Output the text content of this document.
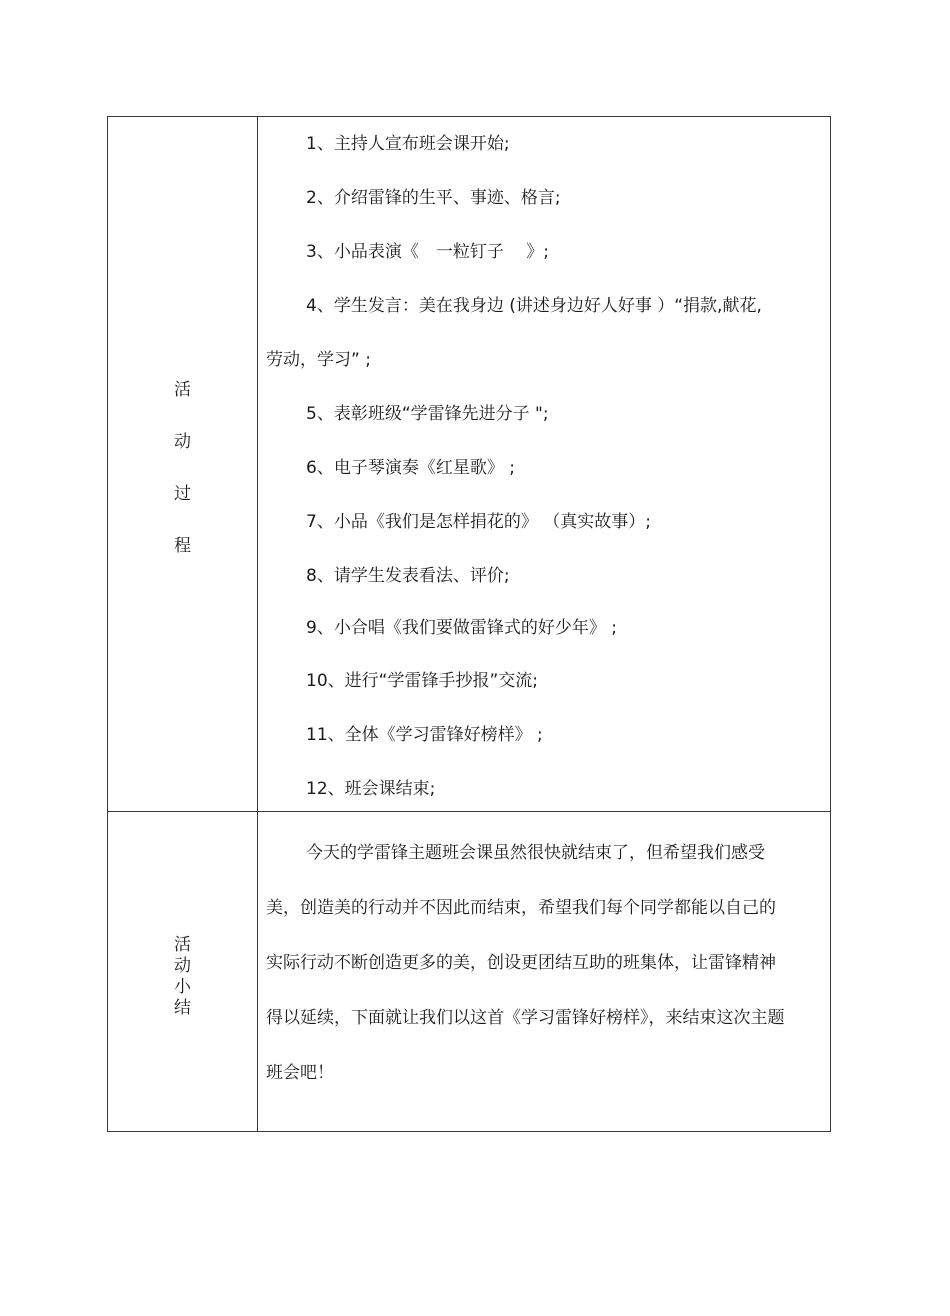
活
动
过
程
1、主持人宣布班会课开始;
2、介绍雷锋的生平、事迹、格言;
3、小品表演《　一粒钉子　 》;
4、学生发言：美在我身边 (讲述身边好人好事 ）“捐款,献花,
劳动，学习” ;
5、表彰班级“学雷锋先进分子 ";
6、电子琴演奏《红星歌》 ;
7、小品《我们是怎样捐花的》 （真实故事）;
8、请学生发表看法、评价;
9、小合唱《我们要做雷锋式的好少年》 ;
10、进行“学雷锋手抄报”交流;
11、全体《学习雷锋好榜样》 ;
12、班会课结束;
活
动
小
结
今天的学雷锋主题班会课虽然很快就结束了，但希望我们感受美，创造美的行动并不因此而结束，希望我们每个同学都能以自己的实际行动不断创造更多的美，创设更团结互助的班集体，让雷锋精神得以延续，下面就让我们以这首《学习雷锋好榜样》，来结束这次主题班会吧！
